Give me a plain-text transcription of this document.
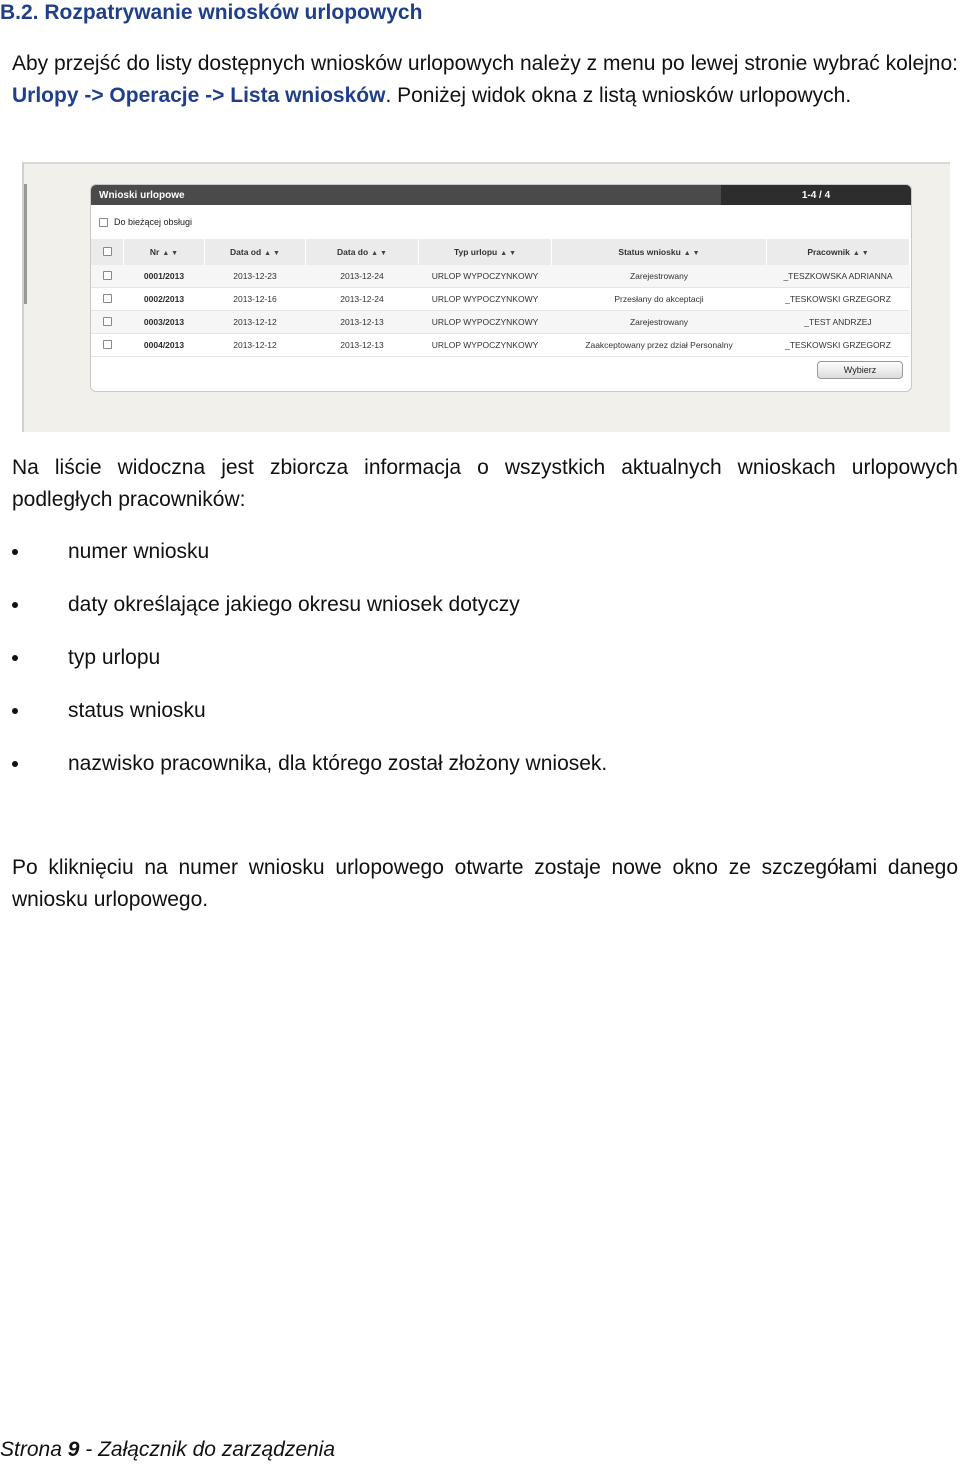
B.2. Rozpatrywanie wniosków urlopowych
Aby przejść do listy dostępnych wniosków urlopowych należy z menu po lewej stronie wybrać kolejno: Urlopy -> Operacje -> Lista wniosków. Poniżej widok okna z listą wniosków urlopowych.
Wnioski urlopowe	1-4 / 4
Do bieżącej obsługi
	Nr ▲ ▼	Data od ▲ ▼	Data do ▲ ▼	Typ urlopu ▲ ▼	Status wniosku ▲ ▼	Pracownik ▲ ▼
	0001/2013	2013-12-23	2013-12-24	URLOP WYPOCZYNKOWY	Zarejestrowany	_TESZKOWSKA ADRIANNA
	0002/2013	2013-12-16	2013-12-24	URLOP WYPOCZYNKOWY	Przesłany do akceptacji	_TESKOWSKI GRZEGORZ
	0003/2013	2013-12-12	2013-12-13	URLOP WYPOCZYNKOWY	Zarejestrowany	_TEST ANDRZEJ
	0004/2013	2013-12-12	2013-12-13	URLOP WYPOCZYNKOWY	Zaakceptowany przez dział Personalny	_TESKOWSKI GRZEGORZ
Wybierz
Na liście widoczna jest zbiorcza informacja o wszystkich aktualnych wnioskach urlopowych podległych pracowników:
numer wniosku
daty określające jakiego okresu wniosek dotyczy
typ urlopu
status wniosku
nazwisko pracownika, dla którego został złożony wniosek.
Po kliknięciu na numer wniosku urlopowego otwarte zostaje nowe okno ze szczegółami danego wniosku urlopowego.
Strona 9 - Załącznik do zarządzenia
